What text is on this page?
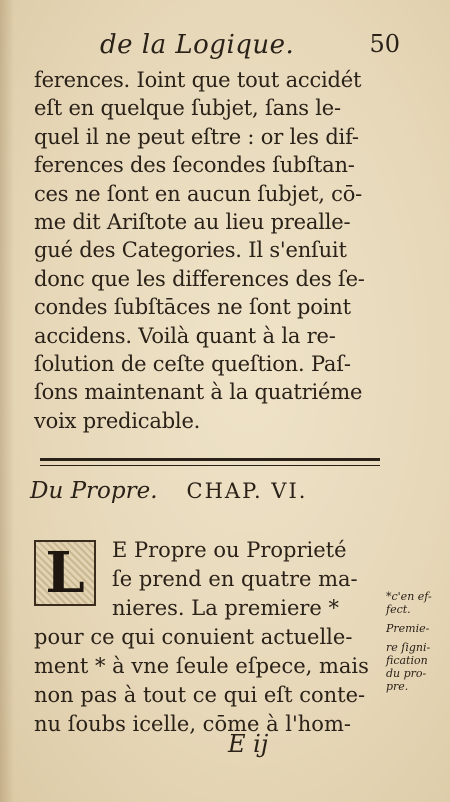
de la Logique.	50
ferences. Ioint que tout accidét
eſt en quelque ſubjet, ſans le-
quel il ne peut eſtre : or les dif-
ferences des ſecondes ſubſtan-
ces ne ſont en aucun ſubjet, cō-
me dit Ariſtote au lieu prealle-
gué des Categories. Il s'enſuit
donc que les differences des ſe-
condes ſubſtāces ne ſont point
accidens. Voilà quant à la re-
ſolution de ceſte queſtion. Paſ-
ſons maintenant à la quatriéme
voix predicable.
Du Propre. CHAP. VI.
L	E Propre ou Proprieté
ſe prend en quatre ma-
nieres. La premiere *
pour ce qui conuient actuelle-
ment * à vne ſeule eſpece, mais
non pas à tout ce qui eſt conte-
nu ſoubs icelle, cōme à l'hom-
*c'en ef-
fect.
Premie-
re ſigni-
fication
du pro-
pre.
E ij
